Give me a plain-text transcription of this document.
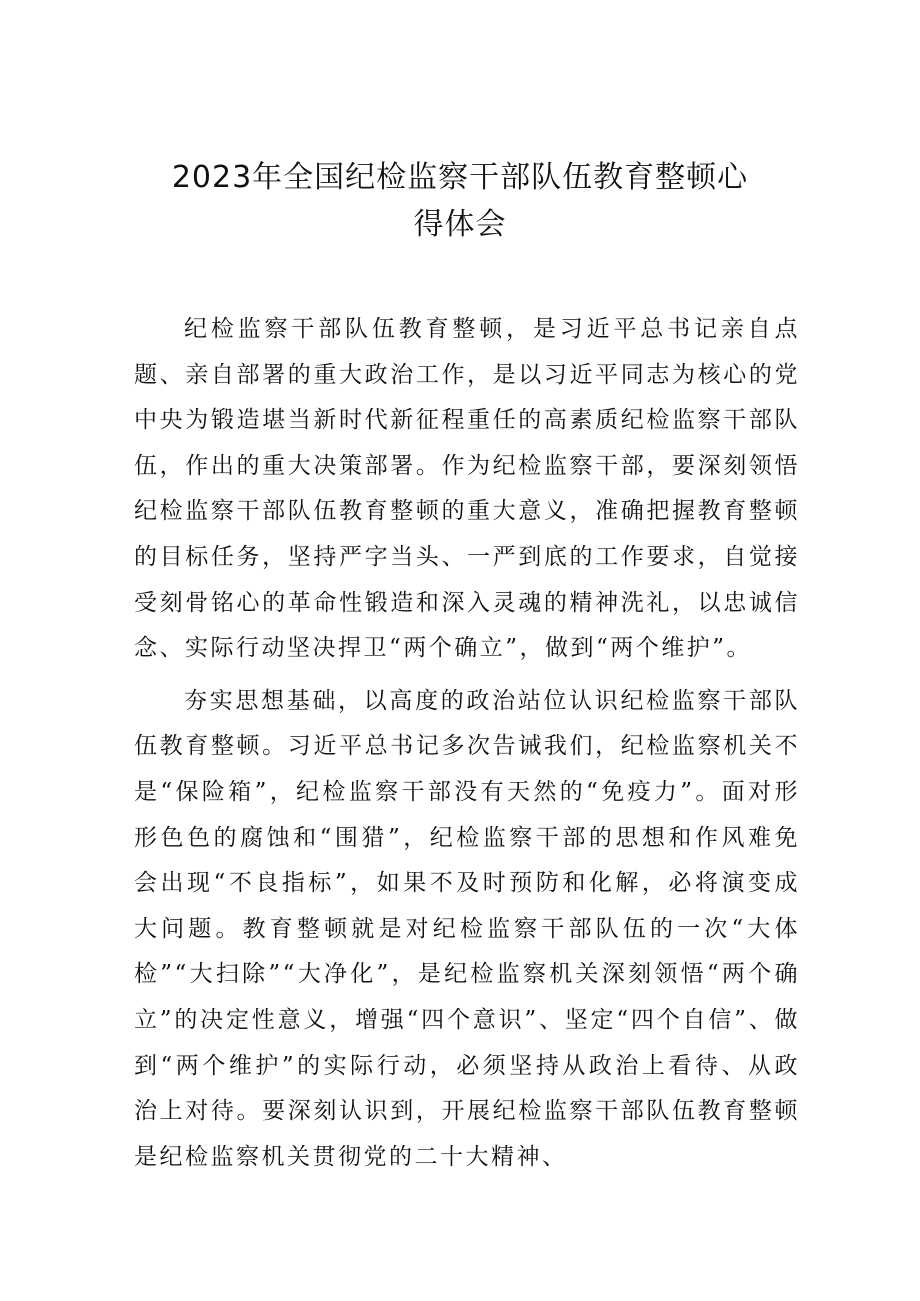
2023年全国纪检监察干部队伍教育整顿心
得体会

纪检监察干部队伍教育整顿，是习近平总书记亲自点题、亲自部署的重大政治工作，是以习近平同志为核心的党中央为锻造堪当新时代新征程重任的高素质纪检监察干部队伍，作出的重大决策部署。作为纪检监察干部，要深刻领悟纪检监察干部队伍教育整顿的重大意义，准确把握教育整顿的目标任务，坚持严字当头、一严到底的工作要求，自觉接受刻骨铭心的革命性锻造和深入灵魂的精神洗礼，以忠诚信念、实际行动坚决捍卫“两个确立”，做到“两个维护”。

夯实思想基础，以高度的政治站位认识纪检监察干部队伍教育整顿。习近平总书记多次告诫我们，纪检监察机关不是“保险箱”，纪检监察干部没有天然的“免疫力”。面对形形色色的腐蚀和“围猎”，纪检监察干部的思想和作风难免会出现“不良指标”，如果不及时预防和化解，必将演变成大问题。教育整顿就是对纪检监察干部队伍的一次“大体检”“大扫除”“大净化”，是纪检监察机关深刻领悟“两个确立”的决定性意义，增强“四个意识”、坚定“四个自信”、做到“两个维护”的实际行动，必须坚持从政治上看待、从政治上对待。要深刻认识到，开展纪检监察干部队伍教育整顿是纪检监察机关贯彻党的二十大精神、
